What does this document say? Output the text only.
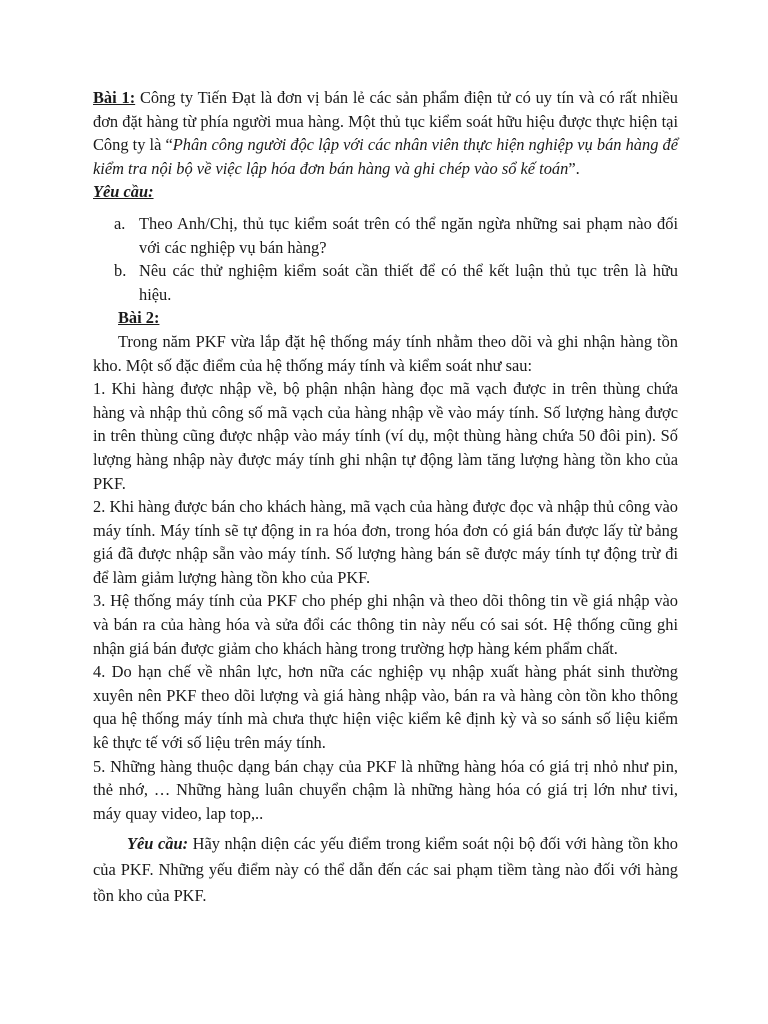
Bài 1: Công ty Tiến Đạt là đơn vị bán lẻ các sản phẩm điện tử có uy tín và có rất nhiều đơn đặt hàng từ phía người mua hàng. Một thủ tục kiểm soát hữu hiệu được thực hiện tại Công ty là “Phân công người độc lập với các nhân viên thực hiện nghiệp vụ bán hàng để kiểm tra nội bộ về việc lập hóa đơn bán hàng và ghi chép vào sổ kế toán”.

Yêu cầu:

a. Theo Anh/Chị, thủ tục kiểm soát trên có thể ngăn ngừa những sai phạm nào đối với các nghiệp vụ bán hàng?

b. Nêu các thử nghiệm kiểm soát cần thiết để có thể kết luận thủ tục trên là hữu hiệu.

Bài 2:

Trong năm PKF vừa lắp đặt hệ thống máy tính nhằm theo dõi và ghi nhận hàng tồn kho. Một số đặc điểm của hệ thống máy tính và kiểm soát như sau:

1. Khi hàng được nhập về, bộ phận nhận hàng đọc mã vạch được in trên thùng chứa hàng và nhập thủ công số mã vạch của hàng nhập về vào máy tính. Số lượng hàng được in trên thùng cũng được nhập vào máy tính (ví dụ, một thùng hàng chứa 50 đôi pin). Số lượng hàng nhập này được máy tính ghi nhận tự động làm tăng lượng hàng tồn kho của PKF.

2. Khi hàng được bán cho khách hàng, mã vạch của hàng được đọc và nhập thủ công vào máy tính. Máy tính sẽ tự động in ra hóa đơn, trong hóa đơn có giá bán được lấy từ bảng giá đã được nhập sẵn vào máy tính. Số lượng hàng bán sẽ được máy tính tự động trừ đi để làm giảm lượng hàng tồn kho của PKF.

3. Hệ thống máy tính của PKF cho phép ghi nhận và theo dõi thông tin về giá nhập vào và bán ra của hàng hóa và sửa đổi các thông tin này nếu có sai sót. Hệ thống cũng ghi nhận giá bán được giảm cho khách hàng trong trường hợp hàng kém phẩm chất.

4. Do hạn chế về nhân lực, hơn nữa các nghiệp vụ nhập xuất hàng phát sinh thường xuyên nên PKF theo dõi lượng và giá hàng nhập vào, bán ra và hàng còn tồn kho thông qua hệ thống máy tính mà chưa thực hiện việc kiểm kê định kỳ và so sánh số liệu kiểm kê thực tế với số liệu trên máy tính.

5. Những hàng thuộc dạng bán chạy của PKF là những hàng hóa có giá trị nhỏ như pin, thẻ nhớ, … Những hàng luân chuyển chậm là những hàng hóa có giá trị lớn như tivi, máy quay video, lap top,..

Yêu cầu: Hãy nhận diện các yếu điểm trong kiểm soát nội bộ đối với hàng tồn kho của PKF. Những yếu điểm này có thể dẫn đến các sai phạm tiềm tàng nào đối với hàng tồn kho của PKF.
